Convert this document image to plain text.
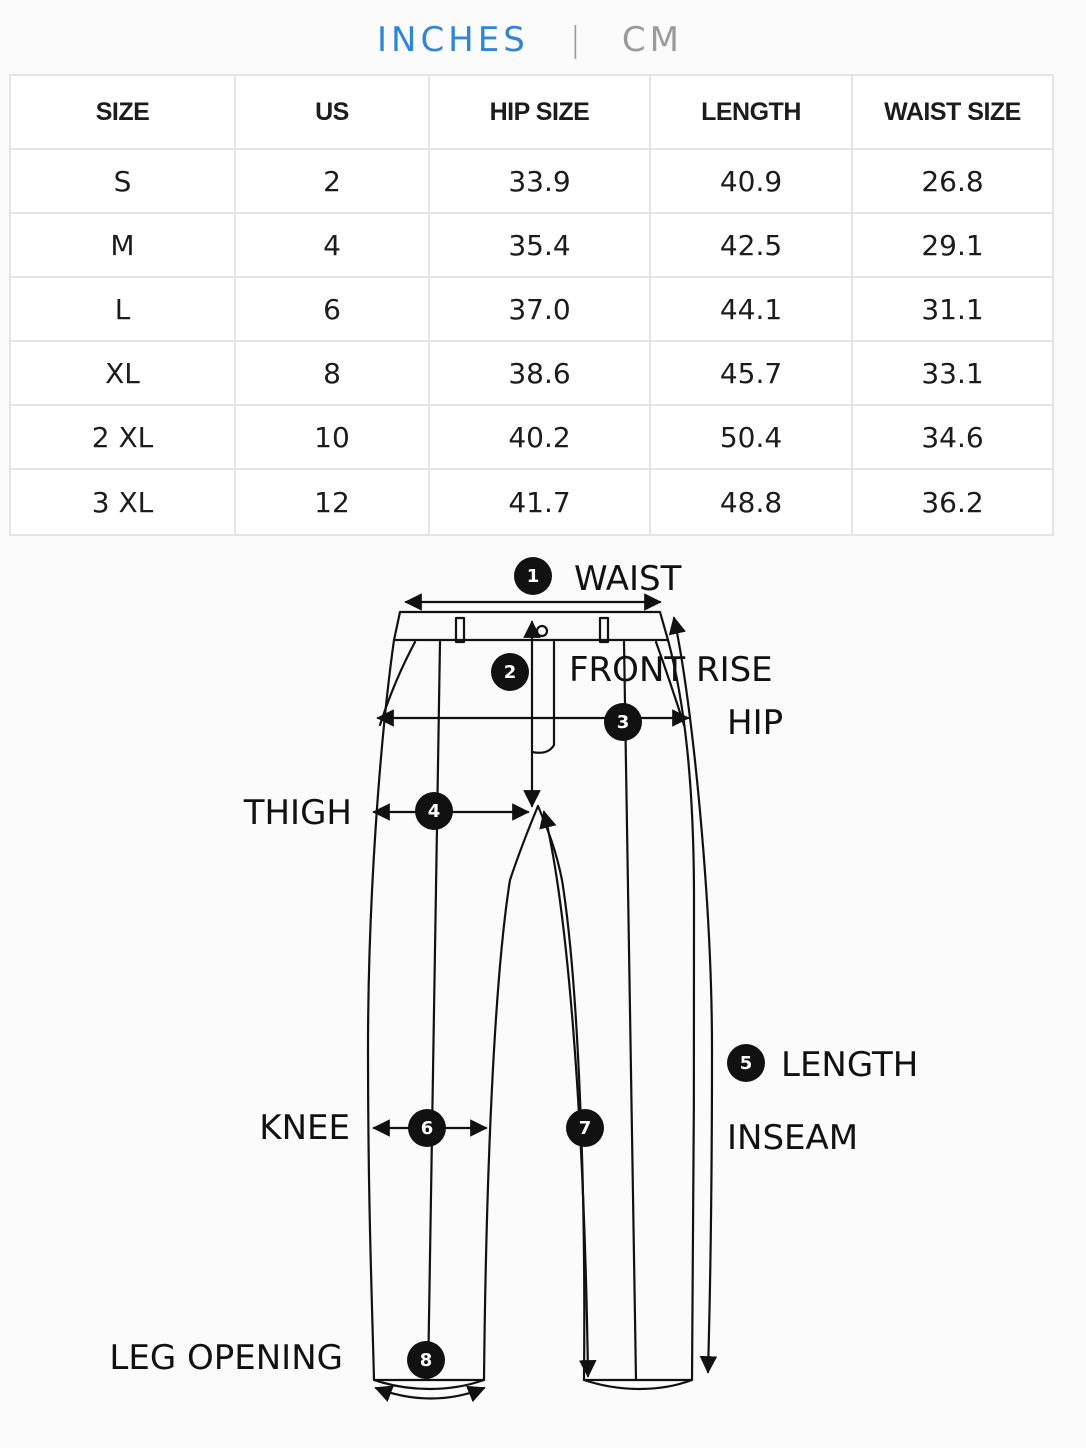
INCHES | CM
SIZE	US	HIP SIZE	LENGTH	WAIST SIZE
S	2	33.9	40.9	26.8
M	4	35.4	42.5	29.1
L	6	37.0	44.1	31.1
XL	8	38.6	45.7	33.1
2 XL	10	40.2	50.4	34.6
3 XL	12	41.7	48.8	36.2
1
2
3
4
5
6	7
8
WAIST
FRONT RISE
HIP
THIGH
LENGTH
INSEAM
KNEE
LEG OPENING
